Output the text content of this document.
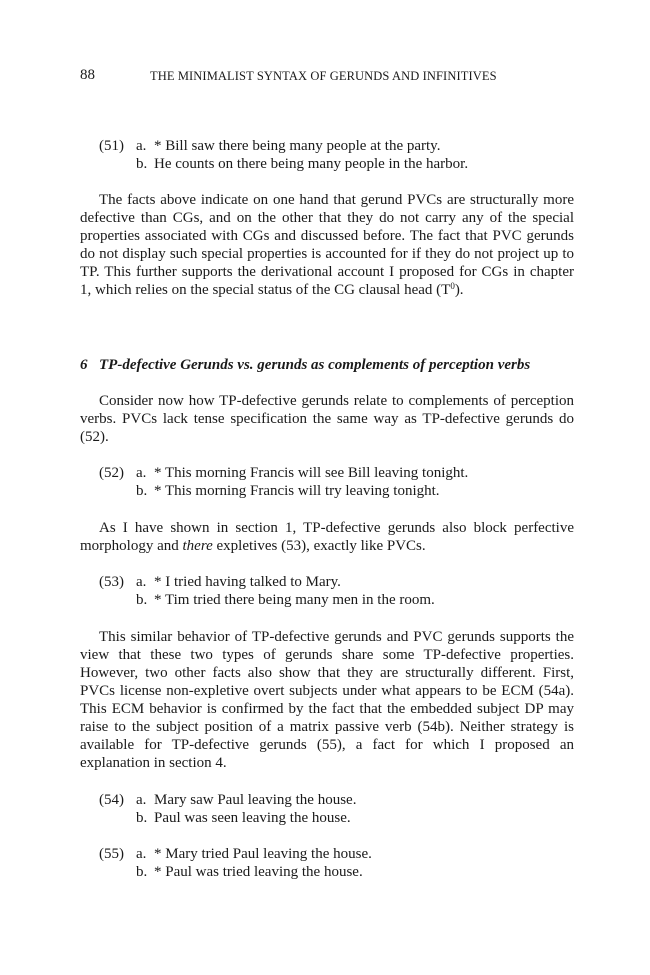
88	THE MINIMALIST SYNTAX OF GERUNDS AND INFINITIVES
(51) a. * Bill saw there being many people at the party.
b. He counts on there being many people in the harbor.

The facts above indicate on one hand that gerund PVCs are structurally more defective than CGs, and on the other that they do not carry any of the special properties associated with CGs and discussed before. The fact that PVC gerunds do not display such special properties is accounted for if they do not project up to TP. This further supports the derivational account I proposed for CGs in chapter 1, which relies on the special status of the CG clausal head $(T^0)$.

6 TP-defective Gerunds vs. gerunds as complements of perception verbs

Consider now how TP-defective gerunds relate to complements of perception verbs. PVCs lack tense specification the same way as TP-defective gerunds do (52).

(52) a. * This morning Francis will see Bill leaving tonight.
b. * This morning Francis will try leaving tonight.

As I have shown in section 1, TP-defective gerunds also block perfective morphology and there expletives (53), exactly like PVCs.

(53) a. * I tried having talked to Mary.
b. * Tim tried there being many men in the room.

This similar behavior of TP-defective gerunds and PVC gerunds supports the view that these two types of gerunds share some TP-defective properties. However, two other facts also show that they are structurally different. First, PVCs license non-expletive overt subjects under what appears to be ECM (54a). This ECM behavior is confirmed by the fact that the embedded subject DP may raise to the subject position of a matrix passive verb (54b). Neither strategy is available for TP-defective gerunds (55), a fact for which I proposed an explanation in section 4.

(54) a. Mary saw Paul leaving the house.
b. Paul was seen leaving the house.
(55) a. * Mary tried Paul leaving the house.
b. * Paul was tried leaving the house.
